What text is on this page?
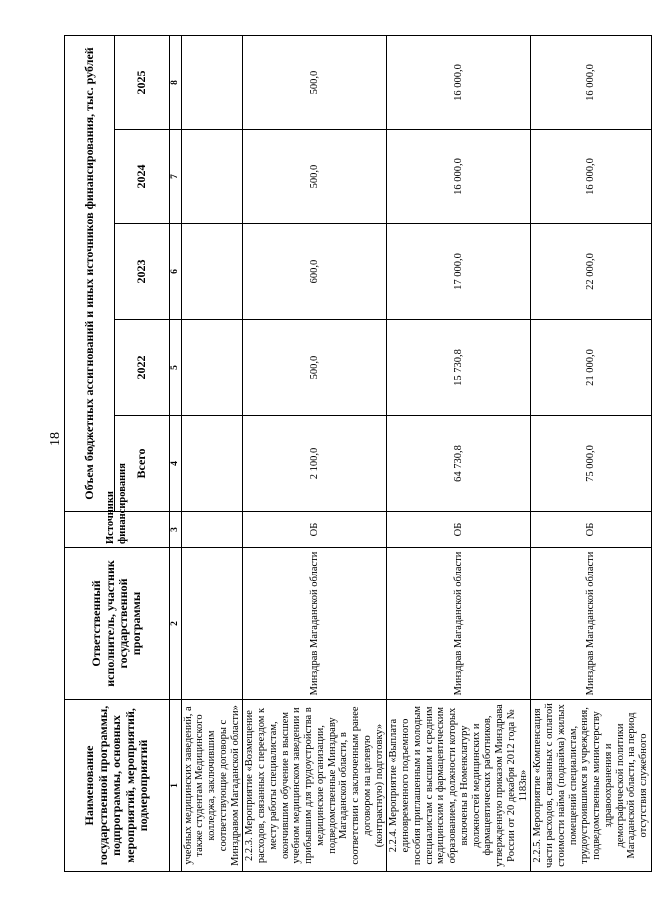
18
Наименование государственной программы, подпрограммы, основных мероприятий, мероприятий, подмероприятий	Ответственный исполнитель, участник государственной программы	Источники финансирования	Объем бюджетных ассигнований и иных источников финансирования, тыс. рублей				
			Всего	2022	2023	2024	2025
1	2	3	4	5	6	7	8
учебных медицинских заведений, а также студентам Медицинского колледжа, заключившим соответствующие договоры с Минздравом Магаданской области»							
2.2.3. Мероприятие «Возмещение расходов, связанных с переездом к месту работы специалистам, окончившим обучение в высшем учебном медицинском заведении и прибывшим для трудоустройства в медицинские организации, подведомственные Минздраву Магаданской области, в соответствии с заключенным ранее договором на целевую (контрактную) подготовку»	Минздрав Магаданской области	ОБ	2 100,0	500,0	600,0	500,0	500,0
2.2.4. Мероприятие «Выплата единовременного подъемного пособия приглашенным и молодым специалистам с высшим и средним медицинским и фармацевтическим образованием, должности которых включены в Номенклатуру должностей медицинских и фармацевтических работников, утвержденную приказом Минздрава России от 20 декабря 2012 года № 1183н»	Минздрав Магаданской области	ОБ	64 730,8	15 730,8	17 000,0	16 000,0	16 000,0
2.2.5. Мероприятие «Компенсация части расходов, связанных с оплатой стоимости найма (поднайма) жилых помещений специалистам, трудоустроившимся в учреждения, подведомственные министерству здравоохранения и демографической политики Магаданской области, на период отсутствия служебного	Минздрав Магаданской области	ОБ	75 000,0	21 000,0	22 000,0	16 000,0	16 000,0
